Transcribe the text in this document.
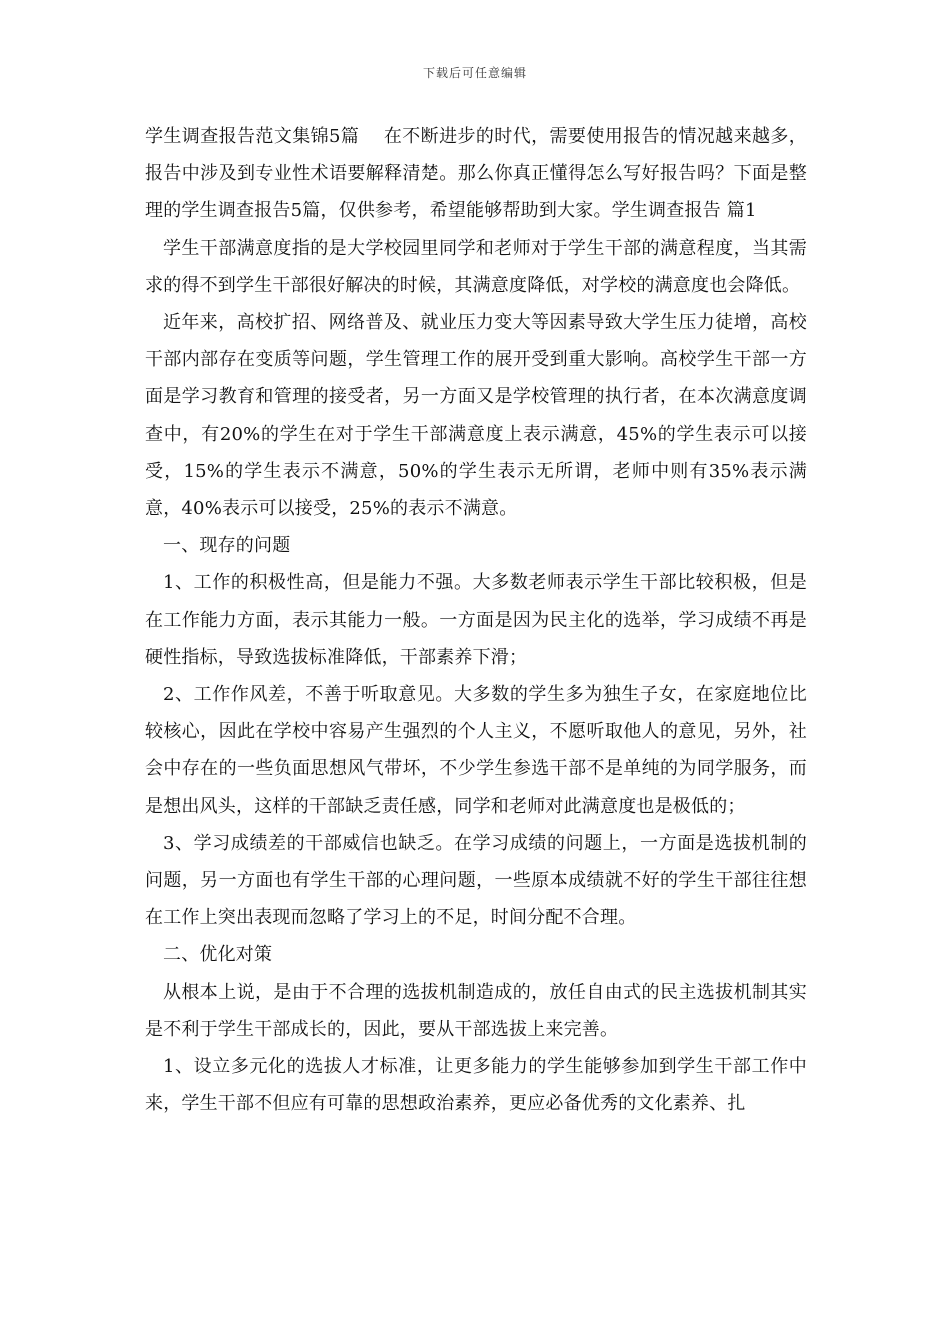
下载后可任意编辑

学生调查报告范文集锦5篇　 在不断进步的时代，需要使用报告的情况越来越多，报告中涉及到专业性术语要解释清楚。那么你真正懂得怎么写好报告吗？下面是整理的学生调查报告5篇，仅供参考，希望能够帮助到大家。学生调查报告 篇1

学生干部满意度指的是大学校园里同学和老师对于学生干部的满意程度，当其需求的得不到学生干部很好解决的时候，其满意度降低，对学校的满意度也会降低。

近年来，高校扩招、网络普及、就业压力变大等因素导致大学生压力徒增，高校干部内部存在变质等问题，学生管理工作的展开受到重大影响。高校学生干部一方面是学习教育和管理的接受者，另一方面又是学校管理的执行者，在本次满意度调查中，有20%的学生在对于学生干部满意度上表示满意，45%的学生表示可以接受，15%的学生表示不满意，50%的学生表示无所谓，老师中则有35%表示满意，40%表示可以接受，25%的表示不满意。

一、现存的问题

1、工作的积极性高，但是能力不强。大多数老师表示学生干部比较积极，但是在工作能力方面，表示其能力一般。一方面是因为民主化的选举，学习成绩不再是硬性指标，导致选拔标准降低，干部素养下滑；

2、工作作风差，不善于听取意见。大多数的学生多为独生子女，在家庭地位比较核心，因此在学校中容易产生强烈的个人主义，不愿听取他人的意见，另外，社会中存在的一些负面思想风气带坏，不少学生参选干部不是单纯的为同学服务，而是想出风头，这样的干部缺乏责任感，同学和老师对此满意度也是极低的；

3、学习成绩差的干部威信也缺乏。在学习成绩的问题上，一方面是选拔机制的问题，另一方面也有学生干部的心理问题，一些原本成绩就不好的学生干部往往想在工作上突出表现而忽略了学习上的不足，时间分配不合理。

二、优化对策

从根本上说，是由于不合理的选拔机制造成的，放任自由式的民主选拔机制其实是不利于学生干部成长的，因此，要从干部选拔上来完善。

1、设立多元化的选拔人才标准，让更多能力的学生能够参加到学生干部工作中来，学生干部不但应有可靠的思想政治素养，更应必备优秀的文化素养、扎
